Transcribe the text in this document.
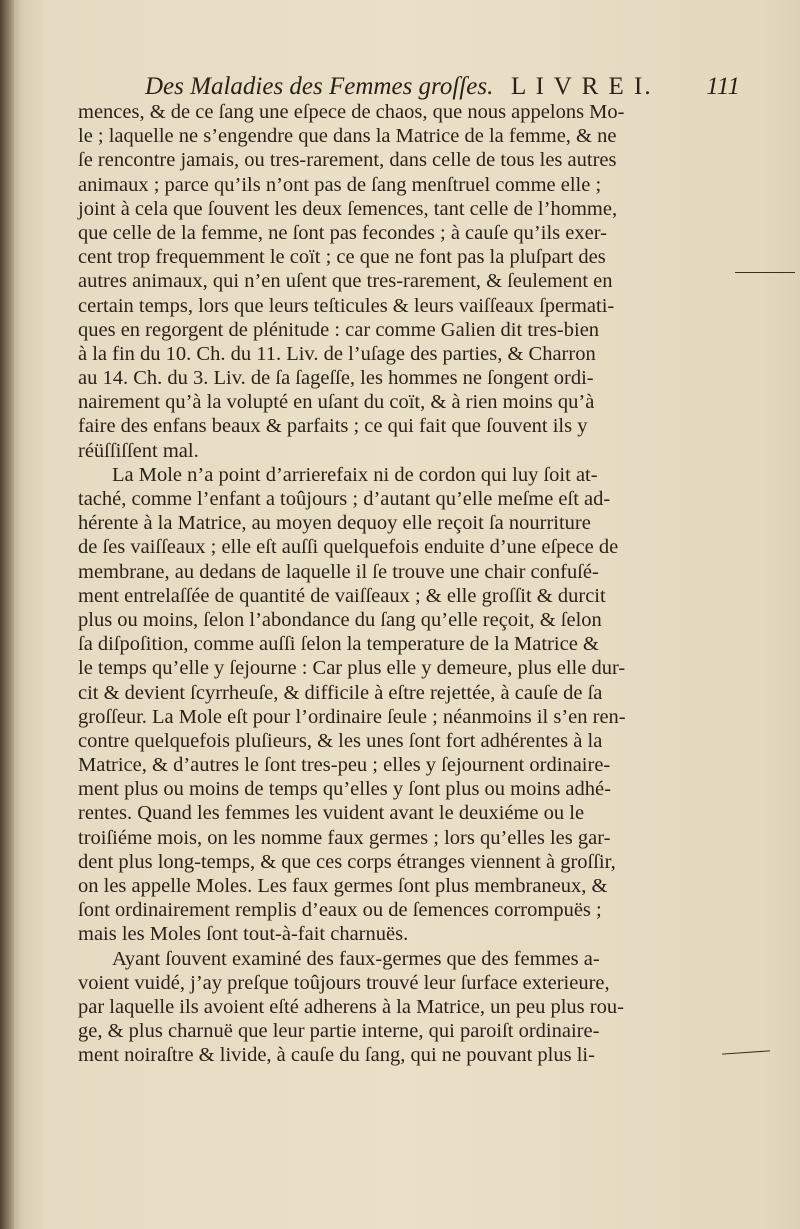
Des Maladies des Femmes groſſes. L I V R E I. 111
mences, & de ce ſang une eſpece de chaos, que nous appelons Mo-
le ; laquelle ne s’engendre que dans la Matrice de la femme, & ne
ſe rencontre jamais, ou tres-rarement, dans celle de tous les autres
animaux ; parce qu’ils n’ont pas de ſang menſtruel comme elle ;
joint à cela que ſouvent les deux ſemences, tant celle de l’homme,
que celle de la femme, ne ſont pas fecondes ; à cauſe qu’ils exer-
cent trop frequemment le coït ; ce que ne font pas la pluſpart des
autres animaux, qui n’en uſent que tres-rarement, & ſeulement en
certain temps, lors que leurs teſticules & leurs vaiſſeaux ſpermati-
ques en regorgent de plénitude : car comme Galien dit tres-bien
à la fin du 10. Ch. du 11. Liv. de l’uſage des parties, & Charron
au 14. Ch. du 3. Liv. de ſa ſageſſe, les hommes ne ſongent ordi-
nairement qu’à la volupté en uſant du coït, & à rien moins qu’à
faire des enfans beaux & parfaits ; ce qui fait que ſouvent ils y
réüſſiſſent mal.
La Mole n’a point d’arrierefaix ni de cordon qui luy ſoit at-
taché, comme l’enfant a toûjours ; d’autant qu’elle meſme eſt ad-
hérente à la Matrice, au moyen dequoy elle reçoit ſa nourriture
de ſes vaiſſeaux ; elle eſt auſſi quelquefois enduite d’une eſpece de
membrane, au dedans de laquelle il ſe trouve une chair confuſé-
ment entrelaſſée de quantité de vaiſſeaux ; & elle groſſit & durcit
plus ou moins, ſelon l’abondance du ſang qu’elle reçoit, & ſelon
ſa diſpoſition, comme auſſi ſelon la temperature de la Matrice &
le temps qu’elle y ſejourne : Car plus elle y demeure, plus elle dur-
cit & devient ſcyrrheuſe, & difficile à eſtre rejettée, à cauſe de ſa
groſſeur. La Mole eſt pour l’ordinaire ſeule ; néanmoins il s’en ren-
contre quelquefois pluſieurs, & les unes ſont fort adhérentes à la
Matrice, & d’autres le ſont tres-peu ; elles y ſejournent ordinaire-
ment plus ou moins de temps qu’elles y ſont plus ou moins adhé-
rentes. Quand les femmes les vuident avant le deuxiéme ou le
troiſiéme mois, on les nomme faux germes ; lors qu’elles les gar-
dent plus long-temps, & que ces corps étranges viennent à groſſir,
on les appelle Moles. Les faux germes ſont plus membraneux, &
ſont ordinairement remplis d’eaux ou de ſemences corrompuës ;
mais les Moles ſont tout-à-fait charnuës.
Ayant ſouvent examiné des faux-germes que des femmes a-
voient vuidé, j’ay preſque toûjours trouvé leur ſurface exterieure,
par laquelle ils avoient eſté adherens à la Matrice, un peu plus rou-
ge, & plus charnuë que leur partie interne, qui paroiſt ordinaire-
ment noiraſtre & livide, à cauſe du ſang, qui ne pouvant plus li-
